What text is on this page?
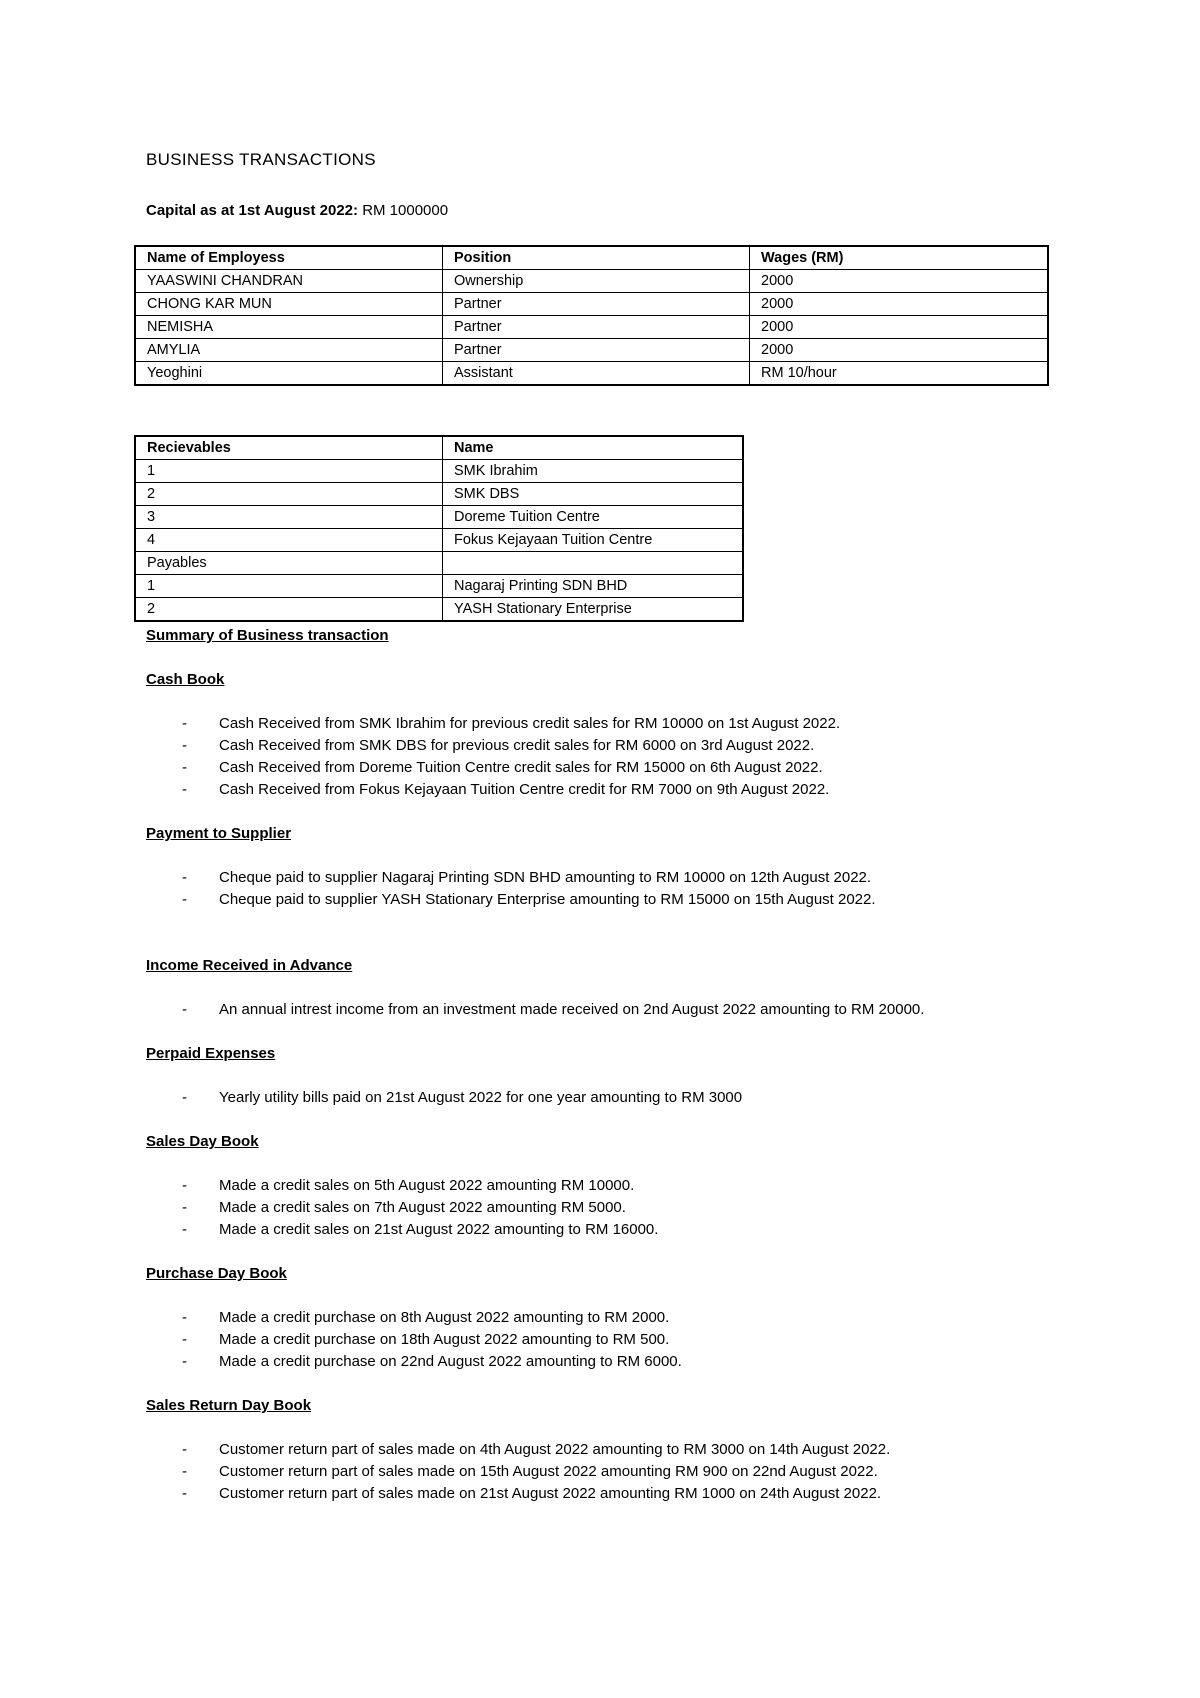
BUSINESS TRANSACTIONS
Capital as at 1st August 2022: RM 1000000
Name of Employess	Position	Wages (RM)
YAASWINI CHANDRAN	Ownership	2000
CHONG KAR MUN	Partner	2000
NEMISHA	Partner	2000
AMYLIA	Partner	2000
Yeoghini	Assistant	RM 10/hour
Recievables	Name
1	SMK Ibrahim
2	SMK DBS
3	Doreme Tuition Centre
4	Fokus Kejayaan Tuition Centre
Payables	
1	Nagaraj Printing SDN BHD
2	YASH Stationary Enterprise
Summary of Business transaction
Cash Book
- Cash Received from SMK Ibrahim for previous credit sales for RM 10000 on 1st August 2022.
- Cash Received from SMK DBS for previous credit sales for RM 6000 on 3rd August 2022.
- Cash Received from Doreme Tuition Centre credit sales for RM 15000 on 6th August 2022.
- Cash Received from Fokus Kejayaan Tuition Centre credit for RM 7000 on 9th August 2022.
Payment to Supplier
- Cheque paid to supplier Nagaraj Printing SDN BHD amounting to RM 10000 on 12th August 2022.
- Cheque paid to supplier YASH Stationary Enterprise amounting to RM 15000 on 15th August 2022.
Income Received in Advance
- An annual intrest income from an investment made received on 2nd August 2022 amounting to RM 20000.
Perpaid Expenses
- Yearly utility bills paid on 21st August 2022 for one year amounting to RM 3000
Sales Day Book
- Made a credit sales on 5th August 2022 amounting RM 10000.
- Made a credit sales on 7th August 2022 amounting RM 5000.
- Made a credit sales on 21st August 2022 amounting to RM 16000.
Purchase Day Book
- Made a credit purchase on 8th August 2022 amounting to RM 2000.
- Made a credit purchase on 18th August 2022 amounting to RM 500.
- Made a credit purchase on 22nd August 2022 amounting to RM 6000.
Sales Return Day Book
- Customer return part of sales made on 4th August 2022 amounting to RM 3000 on 14th August 2022.
- Customer return part of sales made on 15th August 2022 amounting RM 900 on 22nd August 2022.
- Customer return part of sales made on 21st August 2022 amounting RM 1000 on 24th August 2022.
